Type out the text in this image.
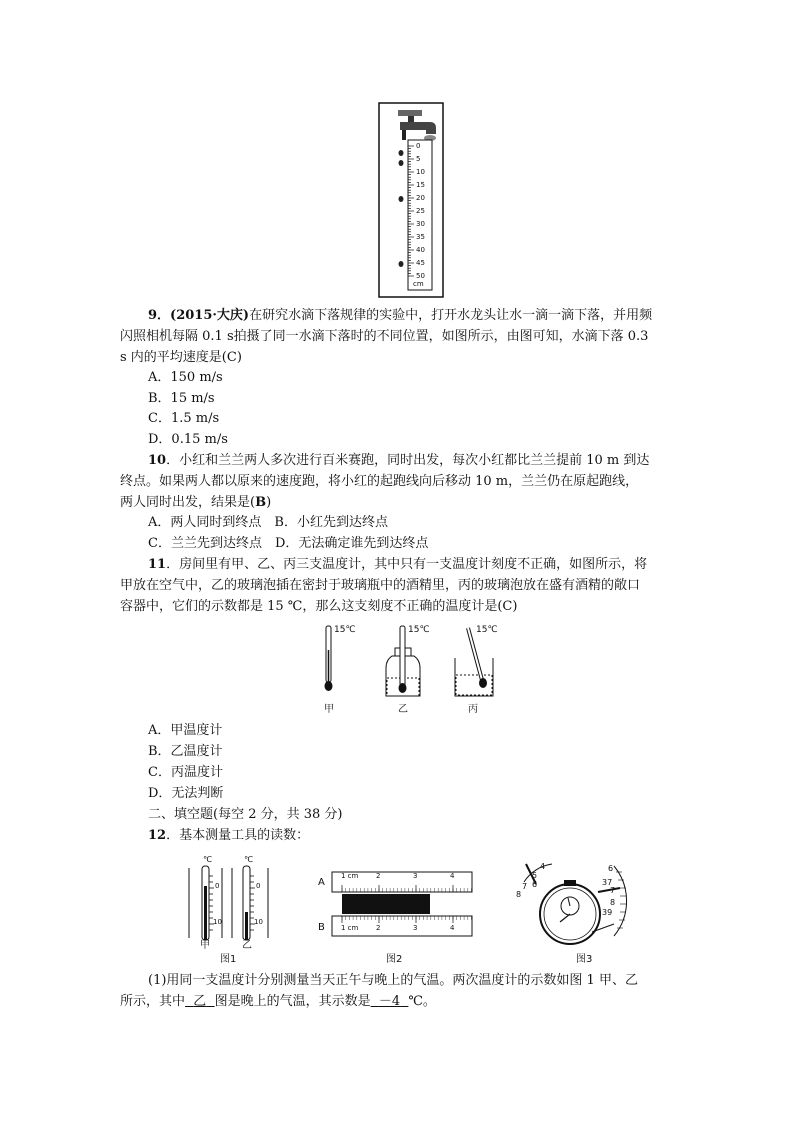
0
5
10
15
20
25
30
35
40
45
50
cm
9．(2015·大庆)在研究水滴下落规律的实验中，打开水龙头让水一滴一滴下落，并用频
闪照相机每隔 0.1 s拍摄了同一水滴下落时的不同位置，如图所示，由图可知，水滴下落 0.3
s 内的平均速度是(C)
A．150 m/s
B．15 m/s
C．1.5 m/s
D．0.15 m/s
10．小红和兰兰两人多次进行百米赛跑，同时出发，每次小红都比兰兰提前 10 m 到达
终点。如果两人都以原来的速度跑，将小红的起跑线向后移动 10 m，兰兰仍在原起跑线，
两人同时出发，结果是(B)
A．两人同时到终点　B．小红先到达终点
C．兰兰先到达终点　D．无法确定谁先到达终点
11．房间里有甲、乙、丙三支温度计，其中只有一支温度计刻度不正确，如图所示，将
甲放在空气中，乙的玻璃泡插在密封于玻璃瓶中的酒精里，丙的玻璃泡放在盛有酒精的敞口
容器中，它们的示数都是 15 ℃，那么这支刻度不正确的温度计是(C)
15℃	15℃	15℃
甲	乙	丙
A．甲温度计
B．乙温度计
C．丙温度计
D．无法判断
二、填空题(每空 2 分，共 38 分)
12．基本测量工具的读数：
℃	℃
0
10
0
10
甲	乙
图1
A
B
1 cm	2	3	4
1 cm	2	3	4
图2
4
5
6
7
8
6
37
7
8
39
图3
(1)用同一支温度计分别测量当天正午与晚上的气温。两次温度计的示数如图 1 甲、乙
所示，其中 乙 图是晚上的气温，其示数是 －4 ℃。
